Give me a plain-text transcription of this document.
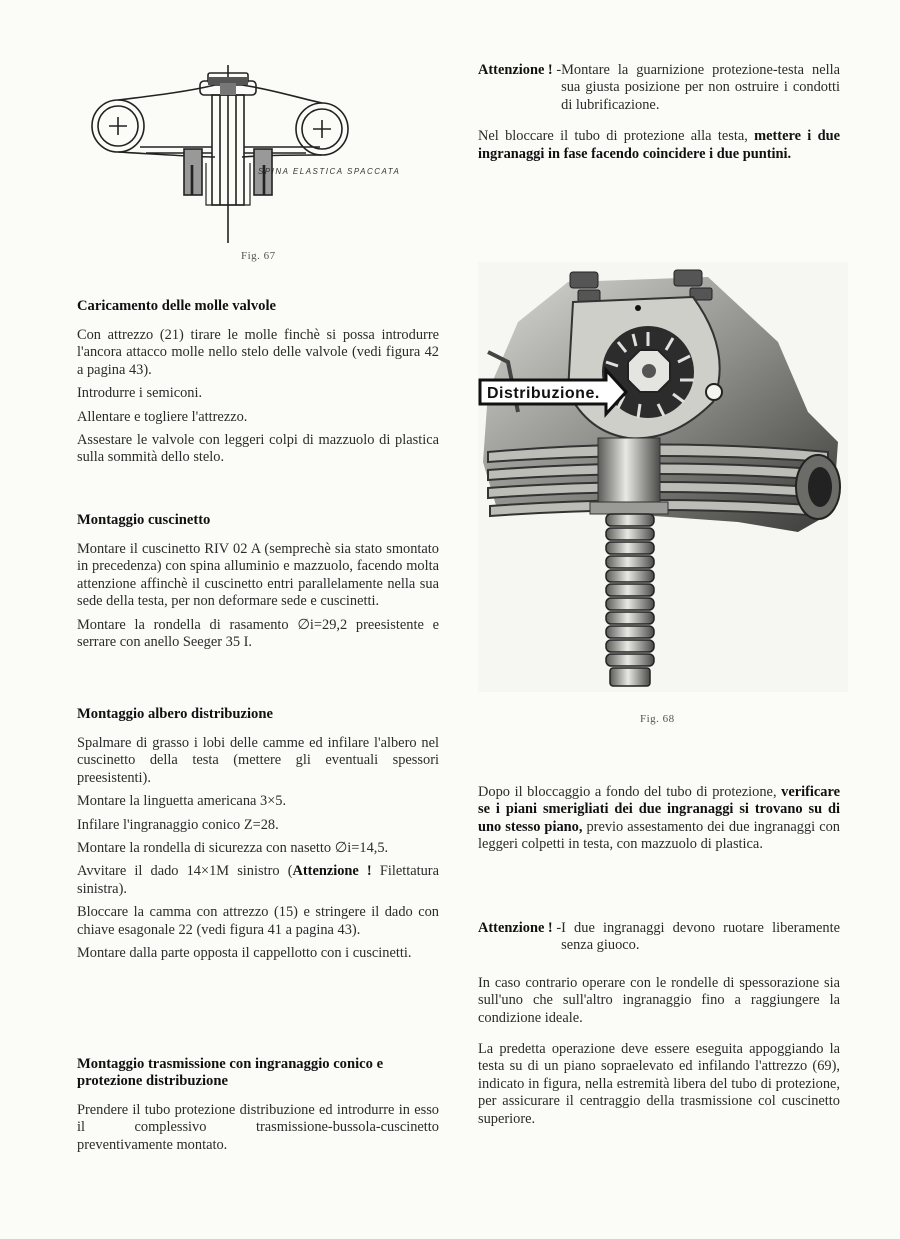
SPINA ELASTICA SPACCATA
Fig. 67
Distribuzione.
Fig. 68
Caricamento delle molle valvole

Con attrezzo (21) tirare le molle finchè si possa introdurre l'ancora attacco molle nello stelo delle valvole (vedi figura 42 a pagina 43).

Introdurre i semiconi.

Allentare e togliere l'attrezzo.

Assestare le valvole con leggeri colpi di mazzuolo di plastica sulla sommità dello stelo.

Montaggio cuscinetto

Montare il cuscinetto RIV 02 A (semprechè sia stato smontato in precedenza) con spina alluminio e mazzuolo, facendo molta attenzione affinchè il cuscinetto entri parallelamente nella sua sede della testa, per non deformare sede e cuscinetti.

Montare la rondella di rasamento ∅i=29,2 preesistente e serrare con anello Seeger 35 I.

Montaggio albero distribuzione

Spalmare di grasso i lobi delle camme ed infilare l'albero nel cuscinetto della testa (mettere gli eventuali spessori preesistenti).

Montare la linguetta americana 3×5.

Infilare l'ingranaggio conico Z=28.

Montare la rondella di sicurezza con nasetto ∅i=14,5.

Avvitare il dado 14×1M sinistro (Attenzione ! Filettatura sinistra).

Bloccare la camma con attrezzo (15) e stringere il dado con chiave esagonale 22 (vedi figura 41 a pagina 43).

Montare dalla parte opposta il cappellotto con i cuscinetti.

Montaggio trasmissione con ingranaggio conico e protezione distribuzione

Prendere il tubo protezione distribuzione ed introdurre in esso il complessivo trasmissione-bussola-cuscinetto preventivamente montato.

Attenzione ! - Montare la guarnizione protezione-testa nella sua giusta posizione per non ostruire i condotti di lubrificazione.

Nel bloccare il tubo di protezione alla testa, mettere i due ingranaggi in fase facendo coincidere i due puntini.

Dopo il bloccaggio a fondo del tubo di protezione, verificare se i piani smerigliati dei due ingranaggi si trovano su di uno stesso piano, previo assestamento dei due ingranaggi con leggeri colpetti in testa, con mazzuolo di plastica.

Attenzione ! - I due ingranaggi devono ruotare liberamente senza giuoco.

In caso contrario operare con le rondelle di spessorazione sia sull'uno che sull'altro ingranaggio fino a raggiungere la condizione ideale.

La predetta operazione deve essere eseguita appoggiando la testa su di un piano sopraelevato ed infilando l'attrezzo (69), indicato in figura, nella estremità libera del tubo di protezione, per assicurare il centraggio della trasmissione col cuscinetto superiore.
